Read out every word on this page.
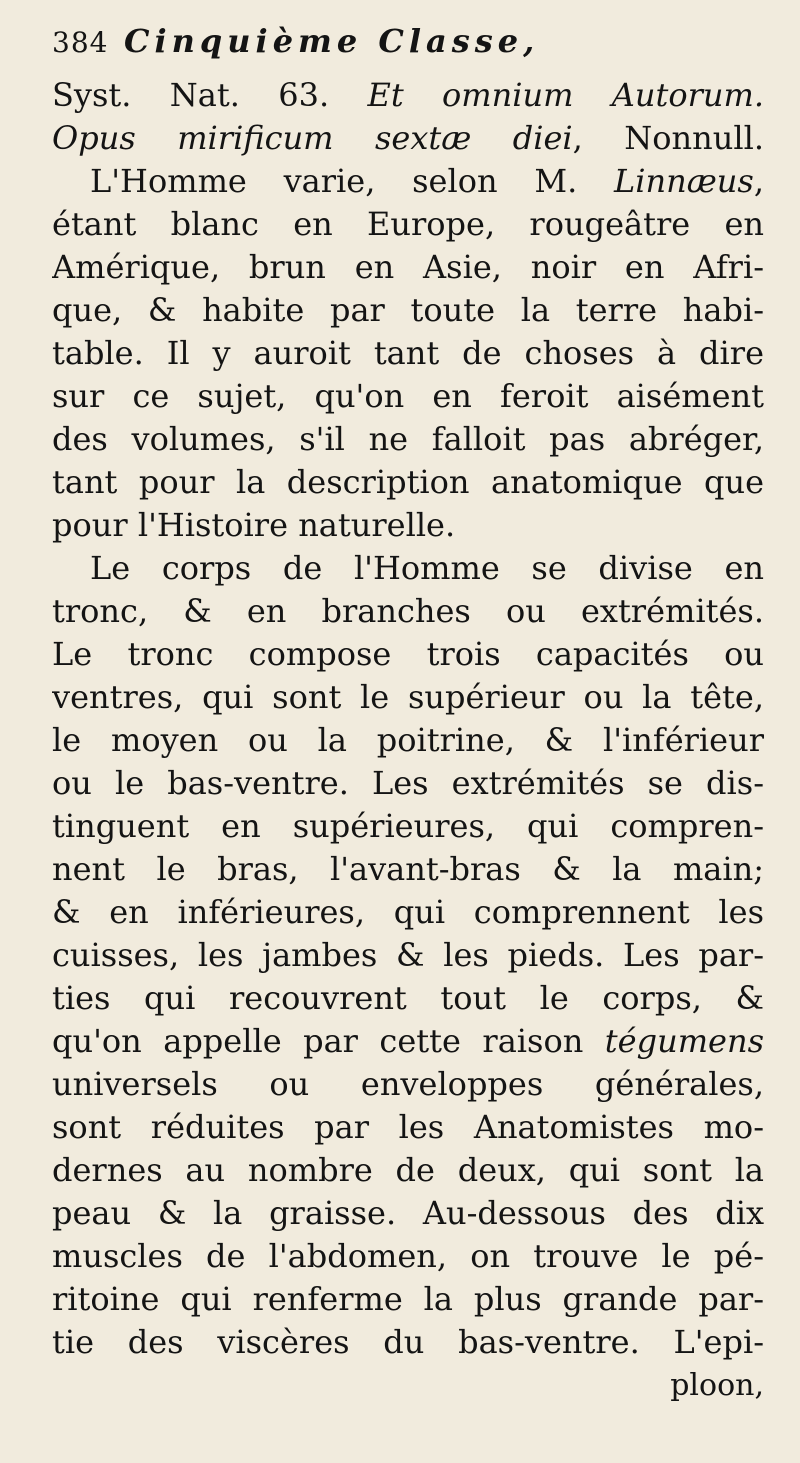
384 Cinquième Classe,
Syst. Nat. 63. Et omnium Autorum.
Opus mirificum sextæ diei, Nonnull.
L'Homme varie, selon M. Linnæus,
étant blanc en Europe, rougeâtre en
Amérique, brun en Asie, noir en Afri-
que, & habite par toute la terre habi-
table. Il y auroit tant de choses à dire
sur ce sujet, qu'on en feroit aisément
des volumes, s'il ne falloit pas abréger,
tant pour la description anatomique que
pour l'Histoire naturelle.
Le corps de l'Homme se divise en
tronc, & en branches ou extrémités.
Le tronc compose trois capacités ou
ventres, qui sont le supérieur ou la tête,
le moyen ou la poitrine, & l'inférieur
ou le bas-ventre. Les extrémités se dis-
tinguent en supérieures, qui compren-
nent le bras, l'avant-bras & la main;
& en inférieures, qui comprennent les
cuisses, les jambes & les pieds. Les par-
ties qui recouvrent tout le corps, &
qu'on appelle par cette raison tégumens
universels ou enveloppes générales,
sont réduites par les Anatomistes mo-
dernes au nombre de deux, qui sont la
peau & la graisse. Au-dessous des dix
muscles de l'abdomen, on trouve le pé-
ritoine qui renferme la plus grande par-
tie des viscères du bas-ventre. L'epi-
ploon,
